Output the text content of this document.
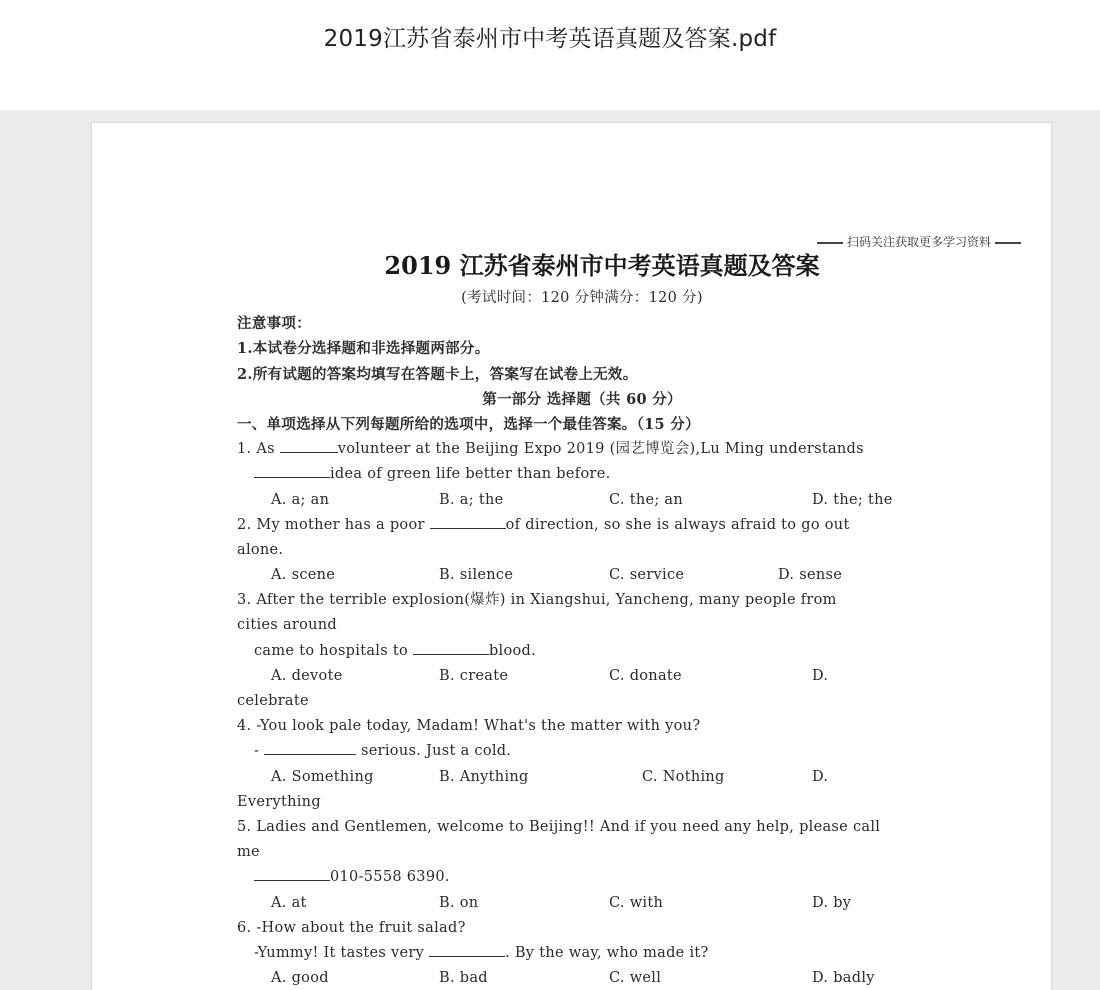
2019江苏省泰州市中考英语真题及答案.pdf
扫码关注获取更多学习资料
2019 江苏省泰州市中考英语真题及答案
(考试时间：120 分钟满分：120 分)
注意事项：
1.本试卷分选择题和非选择题两部分。
2.所有试题的答案均填写在答题卡上，答案写在试卷上无效。
第一部分 选择题（共 60 分）
一、单项选择从下列每题所给的选项中，选择一个最佳答案。（15 分）
1. As	volunteer at the Beijing Expo 2019 (园艺博览会),Lu Ming understands
idea of green life better than before.
A. a; an	B. a; the	C. the; an	D. the; the
2. My mother has a poor	of direction, so she is always afraid to go out
alone.
A. scene	B. silence	C. service	D. sense
3. After the terrible explosion(爆炸) in Xiangshui, Yancheng, many people from
cities around
came to hospitals to	blood.
A. devote	B. create	C. donate	D.
celebrate
4. -You look pale today, Madam! What's the matter with you?
-	serious. Just a cold.
A. Something	B. Anything	C. Nothing	D.
Everything
5. Ladies and Gentlemen, welcome to Beijing!! And if you need any help, please call
me
010-5558 6390.
A. at	B. on	C. with	D. by
6. -How about the fruit salad?
-Yummy! It tastes very	. By the way, who made it?
A. good	B. bad	C. well	D. badly
